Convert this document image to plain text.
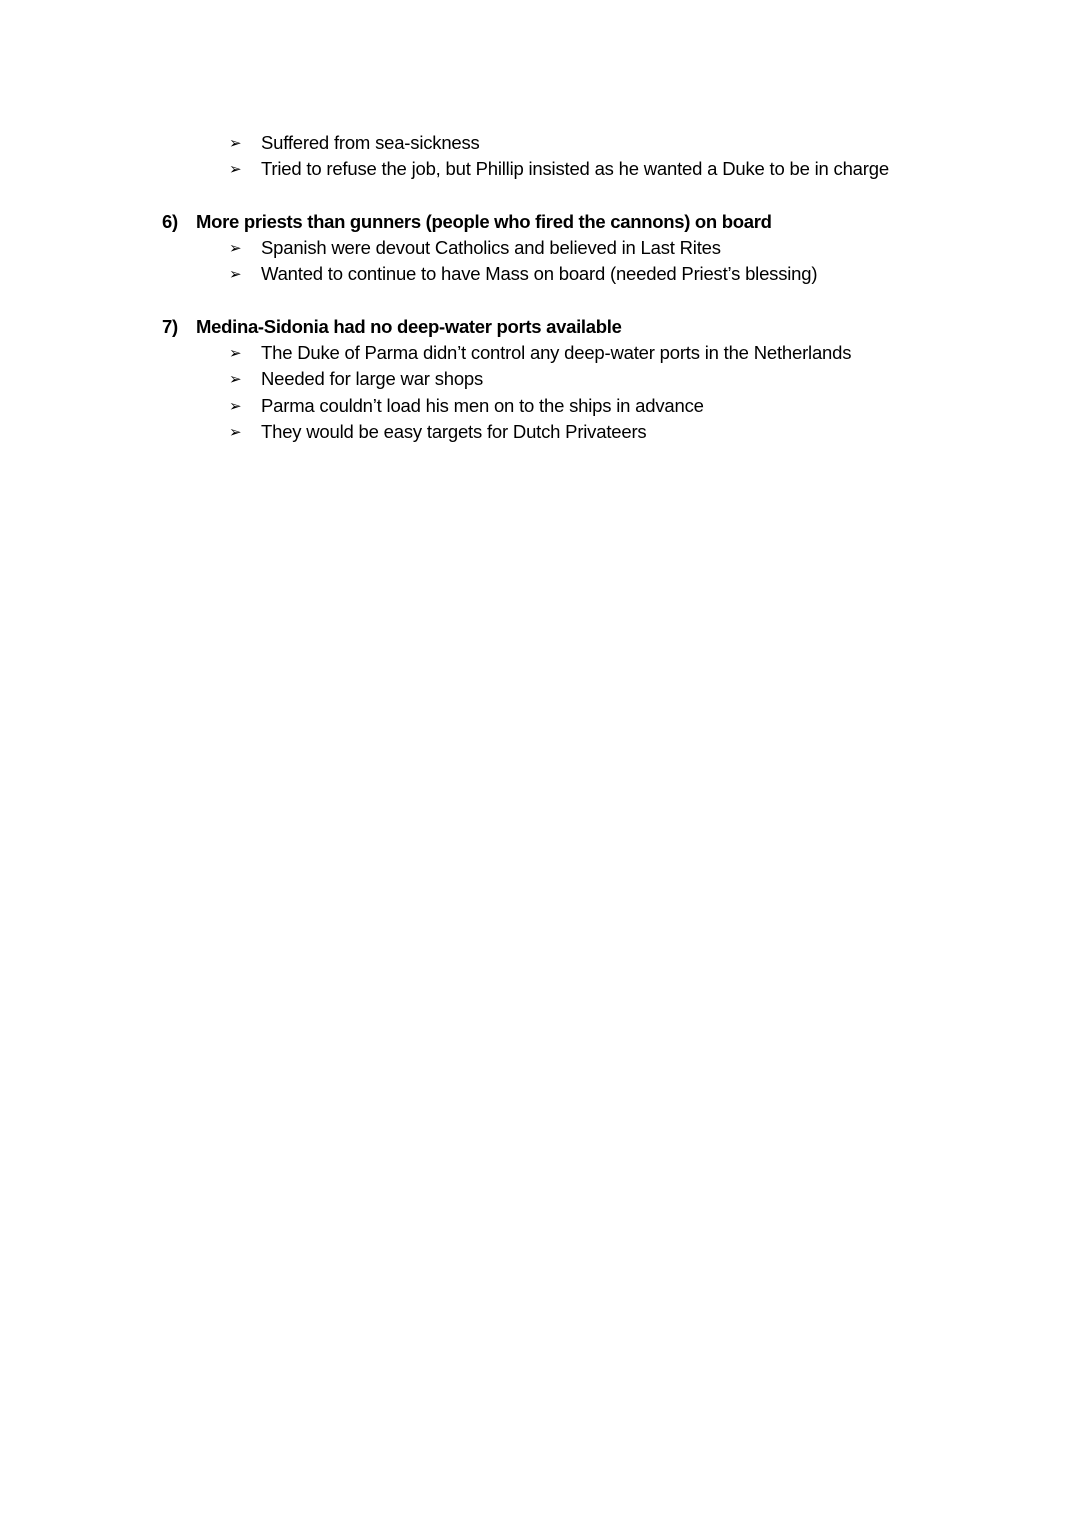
➢	Suffered from sea-sickness
➢	Tried to refuse the job, but Phillip insisted as he wanted a Duke to be in charge
6) More priests than gunners (people who fired the cannons) on board
➢	Spanish were devout Catholics and believed in Last Rites
➢	Wanted to continue to have Mass on board (needed Priest’s blessing)
7) Medina-Sidonia had no deep-water ports available
➢	The Duke of Parma didn’t control any deep-water ports in the Netherlands
➢	Needed for large war shops
➢	Parma couldn’t load his men on to the ships in advance
➢	They would be easy targets for Dutch Privateers
